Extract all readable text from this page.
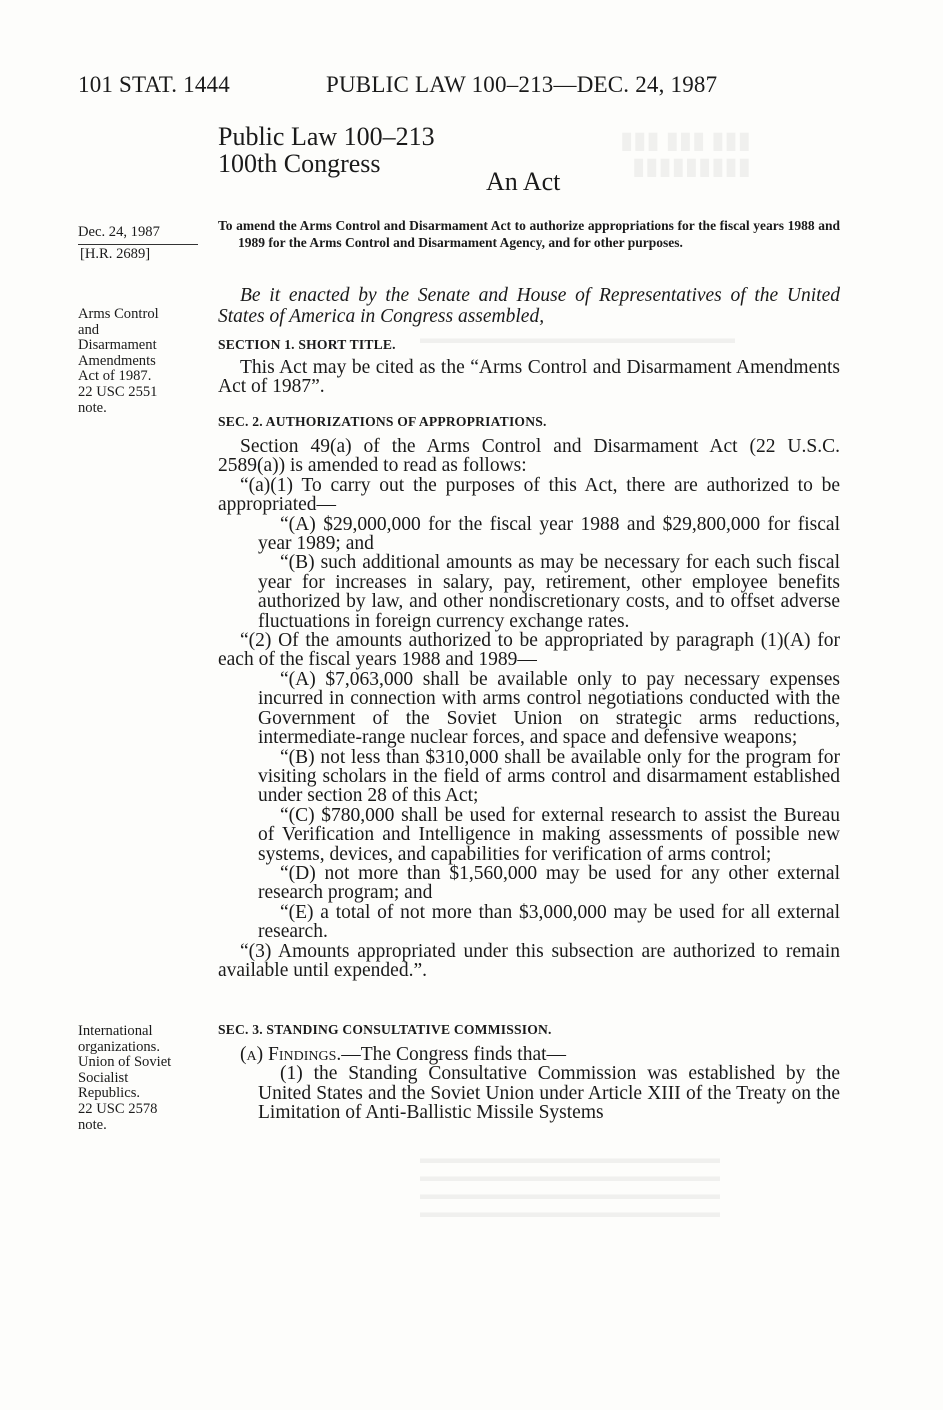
▮▮▮ ▮▮▮ ▮▮▮
▮▮▮▮▮▮▮▮▮
▬▬▬▬▬▬▬▬▬▬▬▬▬▬▬▬▬▬▬▬▬
▬▬▬▬▬▬▬▬▬▬▬▬▬▬▬▬▬▬▬▬
▬▬▬▬▬▬▬▬▬▬▬▬▬▬▬▬▬▬▬▬
▬▬▬▬▬▬▬▬▬▬▬▬▬▬▬▬▬▬▬▬
▬▬▬▬▬▬▬▬▬▬▬▬▬▬▬▬▬▬▬▬
101 STAT. 1444	PUBLIC LAW 100–213—DEC. 24, 1987
Public Law 100–213
100th Congress
An Act
Dec. 24, 1987
[H.R. 2689]
Arms Control
and
Disarmament
Amendments
Act of 1987.
22 USC 2551
note.
International
organizations.
Union of Soviet
Socialist
Republics.
22 USC 2578
note.
To amend the Arms Control and Disarmament Act to authorize appropriations for the fiscal years 1988 and 1989 for the Arms Control and Disarmament Agency, and for other purposes.
Be it enacted by the Senate and House of Representatives of the United States of America in Congress assembled,
SECTION 1. SHORT TITLE.

This Act may be cited as the “Arms Control and Disarmament Amendments Act of 1987”.

SEC. 2. AUTHORIZATIONS OF APPROPRIATIONS.

Section 49(a) of the Arms Control and Disarmament Act (22 U.S.C. 2589(a)) is amended to read as follows:

“(a)(1) To carry out the purposes of this Act, there are authorized to be appropriated—

“(A) $29,000,000 for the fiscal year 1988 and $29,800,000 for fiscal year 1989; and

“(B) such additional amounts as may be necessary for each such fiscal year for increases in salary, pay, retirement, other employee benefits authorized by law, and other nondiscretionary costs, and to offset adverse fluctuations in foreign currency exchange rates.

“(2) Of the amounts authorized to be appropriated by paragraph (1)(A) for each of the fiscal years 1988 and 1989—

“(A) $7,063,000 shall be available only to pay necessary expenses incurred in connection with arms control negotiations conducted with the Government of the Soviet Union on strategic arms reductions, intermediate-range nuclear forces, and space and defensive weapons;

“(B) not less than $310,000 shall be available only for the program for visiting scholars in the field of arms control and disarmament established under section 28 of this Act;

“(C) $780,000 shall be used for external research to assist the Bureau of Verification and Intelligence in making assessments of possible new systems, devices, and capabilities for verification of arms control;

“(D) not more than $1,560,000 may be used for any other external research program; and

“(E) a total of not more than $3,000,000 may be used for all external research.

“(3) Amounts appropriated under this subsection are authorized to remain available until expended.”.

SEC. 3. STANDING CONSULTATIVE COMMISSION.

(a) Findings.—The Congress finds that—

(1) the Standing Consultative Commission was established by the United States and the Soviet Union under Article XIII of the Treaty on the Limitation of Anti-Ballistic Missile Systems
